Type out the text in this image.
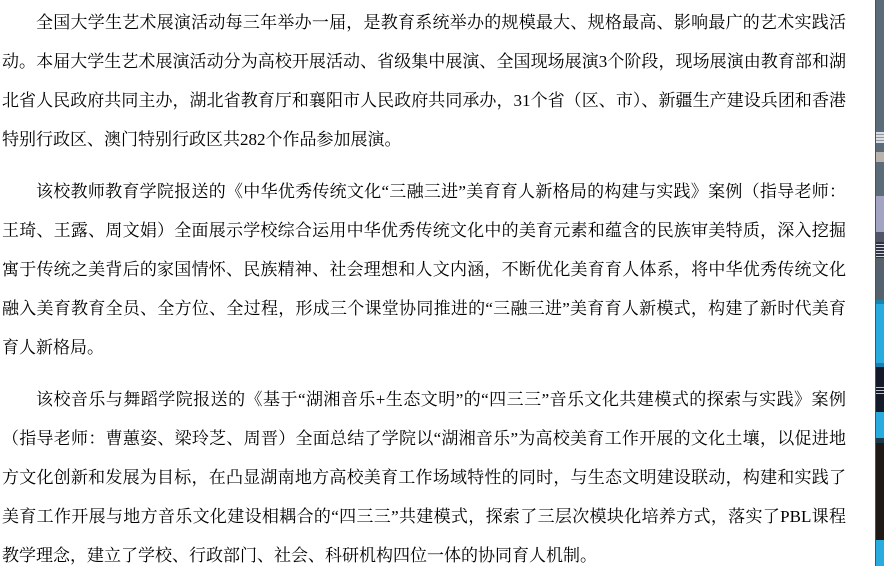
全国大学生艺术展演活动每三年举办一届，是教育系统举办的规模最大、规格最高、影响最广的艺术实践活动。本届大学生艺术展演活动分为高校开展活动、省级集中展演、全国现场展演3个阶段，现场展演由教育部和湖北省人民政府共同主办，湖北省教育厅和襄阳市人民政府共同承办，31个省（区、市）、新疆生产建设兵团和香港特别行政区、澳门特别行政区共282个作品参加展演。

该校教师教育学院报送的《中华优秀传统文化“三融三进”美育育人新格局的构建与实践》案例（指导老师：王琦、王露、周文娟）全面展示学校综合运用中华优秀传统文化中的美育元素和蕴含的民族审美特质，深入挖掘寓于传统之美背后的家国情怀、民族精神、社会理想和人文内涵，不断优化美育育人体系，将中华优秀传统文化融入美育教育全员、全方位、全过程，形成三个课堂协同推进的“三融三进”美育育人新模式，构建了新时代美育育人新格局。

该校音乐与舞蹈学院报送的《基于“湖湘音乐+生态文明”的“四三三”音乐文化共建模式的探索与实践》案例（指导老师：曹蕙姿、梁玲芝、周晋）全面总结了学院以“湖湘音乐”为高校美育工作开展的文化土壤，以促进地方文化创新和发展为目标，在凸显湖南地方高校美育工作场域特性的同时，与生态文明建设联动，构建和实践了美育工作开展与地方音乐文化建设相耦合的“四三三”共建模式，探索了三层次模块化培养方式，落实了PBL课程教学理念，建立了学校、行政部门、社会、科研机构四位一体的协同育人机制。
